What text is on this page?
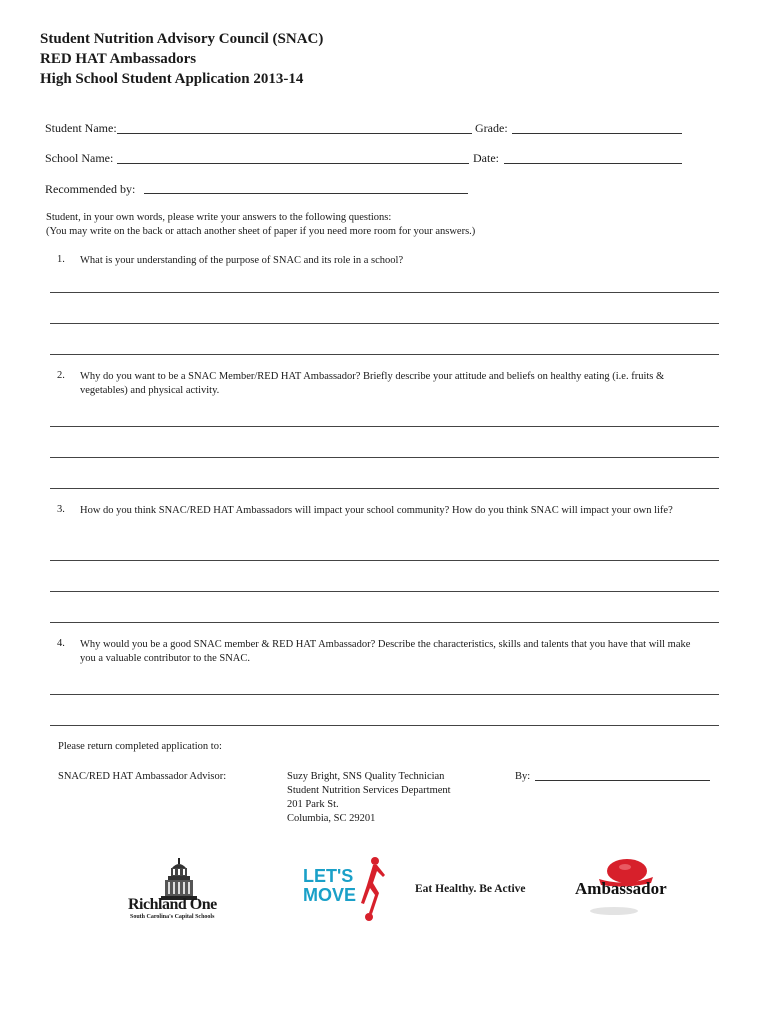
Student Nutrition Advisory Council (SNAC)
RED HAT Ambassadors
High School Student Application 2013-14
Student Name:	Grade:
School Name:	Date:
Recommended by:
Student, in your own words, please write your answers to the following questions:
(You may write on the back or attach another sheet of paper if you need more room for your answers.)
1. What is your understanding of the purpose of SNAC and its role in a school?
2. Why do you want to be a SNAC Member/RED HAT Ambassador? Briefly describe your attitude and beliefs on healthy eating (i.e. fruits & vegetables) and physical activity.
3. How do you think SNAC/RED HAT Ambassadors will impact your school community? How do you think SNAC will impact your own life?
4. Why would you be a good SNAC member & RED HAT Ambassador? Describe the characteristics, skills and talents that you have that will make you a valuable contributor to the SNAC.
Please return completed application to:
SNAC/RED HAT Ambassador Advisor:	Suzy Bright, SNS Quality Technician
Student Nutrition Services Department
201 Park St.
Columbia, SC 29201
By:
Richland One
South Carolina's Capital Schools
LET'S
MOVE	Eat Healthy. Be Active	Ambassador
